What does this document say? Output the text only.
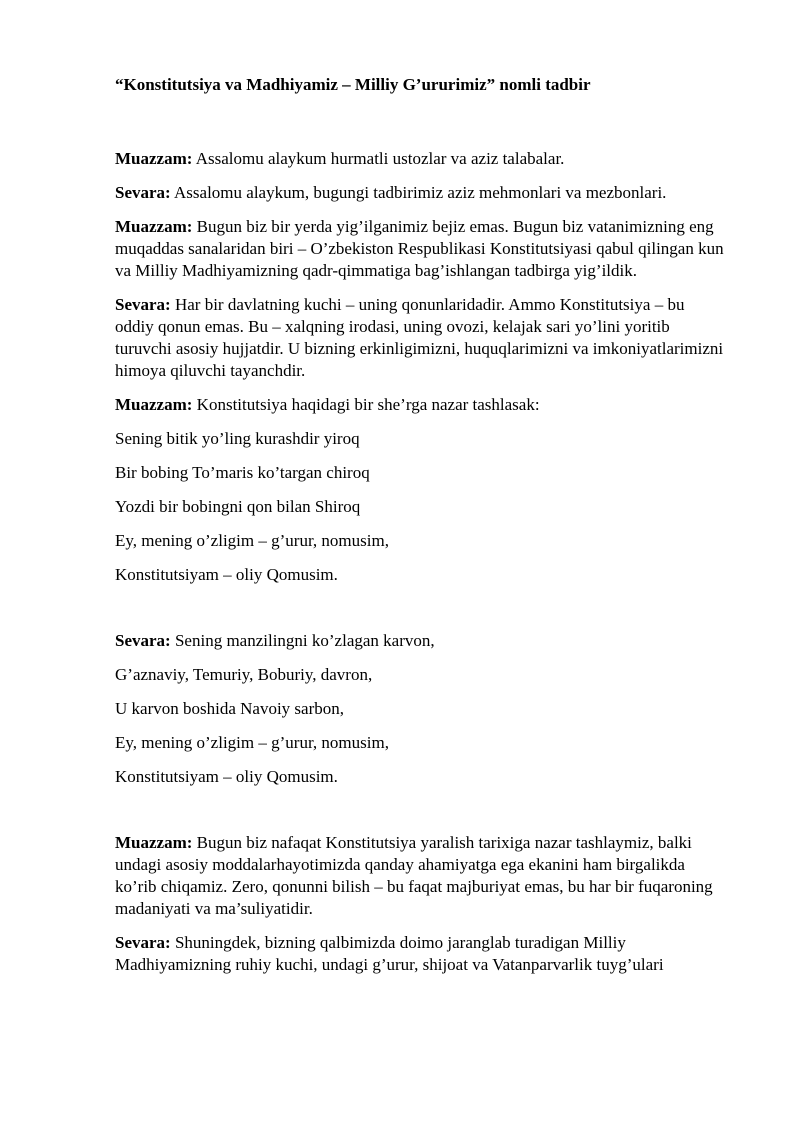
“Konstitutsiya va Madhiyamiz – Milliy G’ururimiz” nomli tadbir
Muazzam: Assalomu alaykum hurmatli ustozlar va aziz talabalar.
Sevara: Assalomu alaykum, bugungi tadbirimiz aziz mehmonlari va mezbonlari.
Muazzam: Bugun biz bir yerda yig’ilganimiz bejiz emas. Bugun biz vatanimizning eng muqaddas sanalaridan biri – O’zbekiston Respublikasi Konstitutsiyasi qabul qilingan kun va Milliy Madhiyamizning qadr-qimmatiga bag’ishlangan tadbirga yig’ildik.
Sevara: Har bir davlatning kuchi – uning qonunlaridadir. Ammo Konstitutsiya – bu oddiy qonun emas. Bu – xalqning irodasi, uning ovozi, kelajak sari yo’lini yoritib turuvchi asosiy hujjatdir. U bizning erkinligimizni, huquqlarimizni va imkoniyatlarimizni himoya qiluvchi tayanchdir.
Muazzam: Konstitutsiya haqidagi bir she’rga nazar tashlasak:
Sening bitik yo’ling kurashdir yiroq
Bir bobing To’maris ko’targan chiroq
Yozdi bir bobingni qon bilan Shiroq
Ey, mening o’zligim – g’urur, nomusim,
Konstitutsiyam – oliy Qomusim.
Sevara: Sening manzilingni ko’zlagan karvon,
G’aznaviy, Temuriy, Boburiy, davron,
U karvon boshida Navoiy sarbon,
Ey, mening o’zligim – g’urur, nomusim,
Konstitutsiyam – oliy Qomusim.
Muazzam: Bugun biz nafaqat Konstitutsiya yaralish tarixiga nazar tashlaymiz, balki undagi asosiy moddalarhayotimizda qanday ahamiyatga ega ekanini ham birgalikda ko’rib chiqamiz. Zero, qonunni bilish – bu faqat majburiyat emas, bu har bir fuqaroning madaniyati va ma’suliyatidir.
Sevara: Shuningdek, bizning qalbimizda doimo jaranglab turadigan Milliy Madhiyamizning ruhiy kuchi, undagi g’urur, shijoat va Vatanparvarlik tuyg’ulari
